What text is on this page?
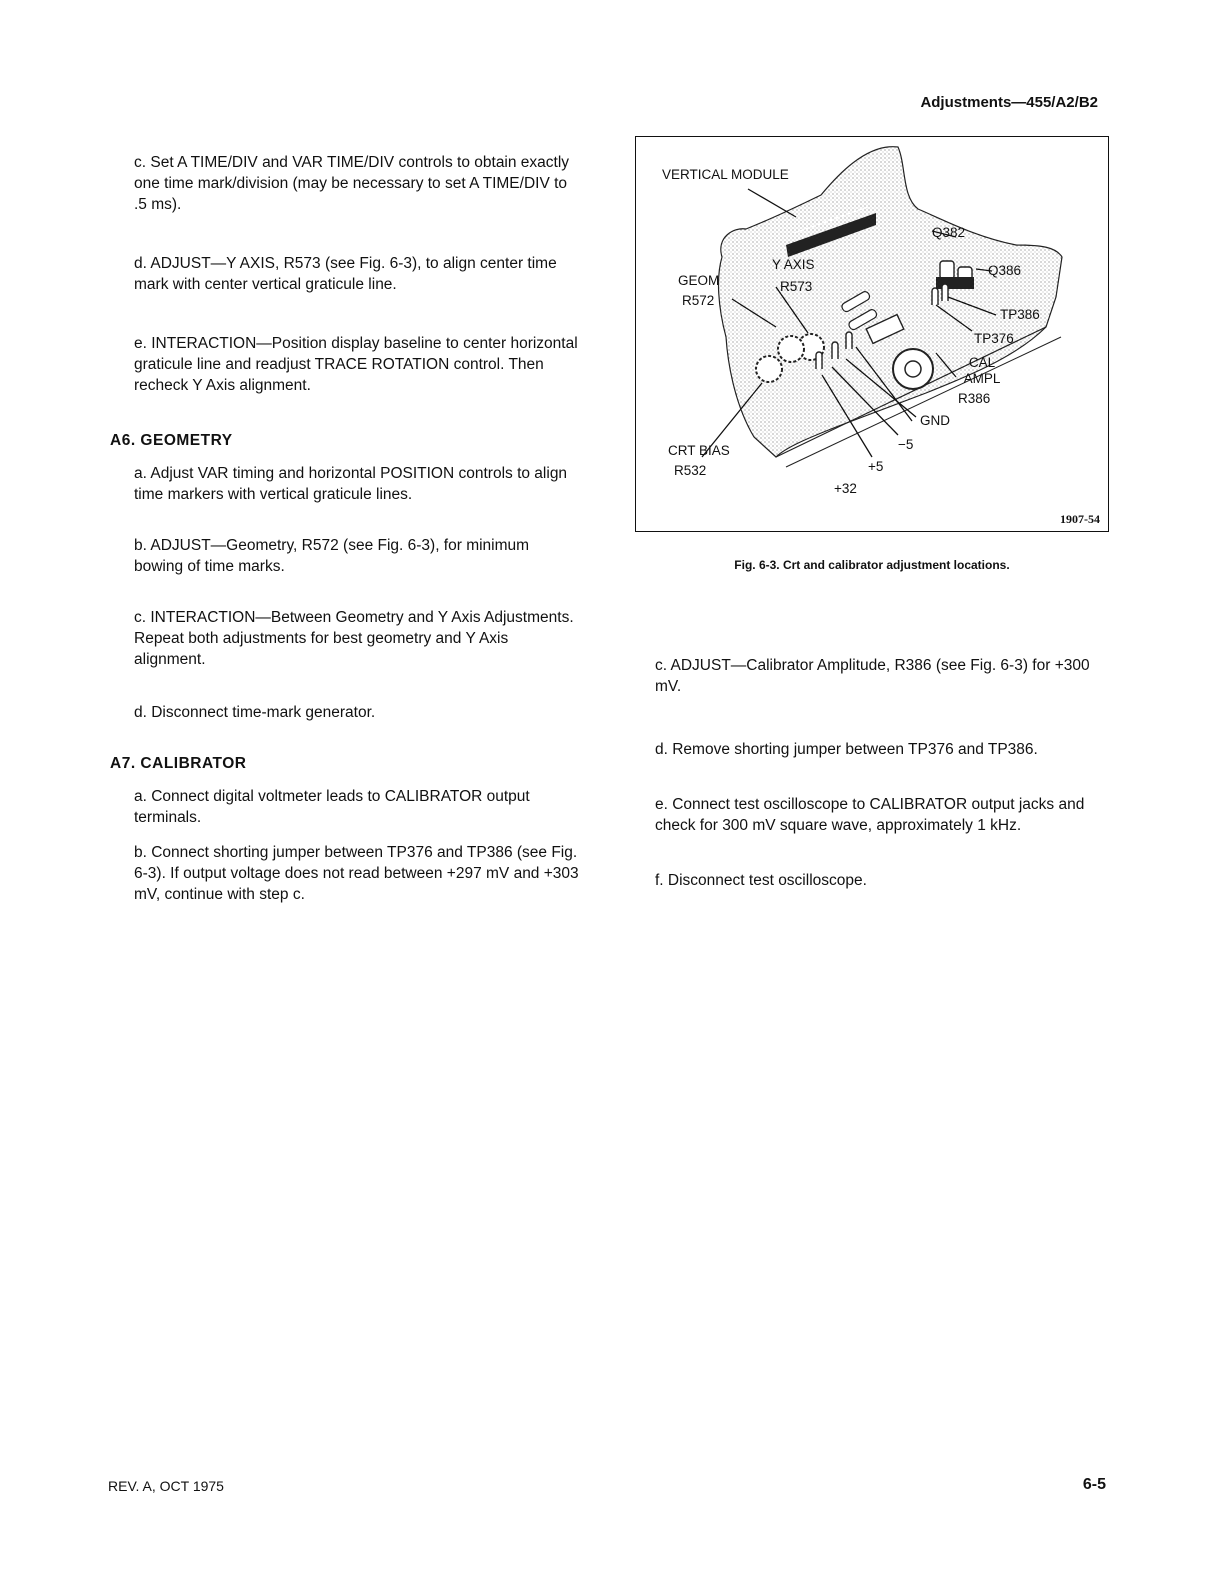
Adjustments—455/A2/B2

c. Set A TIME/DIV and VAR TIME/DIV controls to obtain exactly one time mark/division (may be necessary to set A TIME/DIV to .5 ms).

d. ADJUST—Y AXIS, R573 (see Fig. 6-3), to align center time mark with center vertical graticule line.

e. INTERACTION—Position display baseline to center horizontal graticule line and readjust TRACE ROTATION control. Then recheck Y Axis alignment.

A6. GEOMETRY

a. Adjust VAR timing and horizontal POSITION controls to align time markers with vertical graticule lines.

b. ADJUST—Geometry, R572 (see Fig. 6-3), for minimum bowing of time marks.

c. INTERACTION—Between Geometry and Y Axis Adjustments. Repeat both adjustments for best geometry and Y Axis alignment.

d. Disconnect time-mark generator.

A7. CALIBRATOR

a. Connect digital voltmeter leads to CALIBRATOR output terminals.

b. Connect shorting jumper between TP376 and TP386 (see Fig. 6-3). If output voltage does not read between +297 mV and +303 mV, continue with step c.

VERTICAL MODULE
Q382
Q386
Y AXIS
R573
GEOM
R572
TP386
TP376
CAL AMPL
R386
GND
−5
CRT BIAS
R532	+5
+32
1907-54
Fig. 6-3. Crt and calibrator adjustment locations.

c. ADJUST—Calibrator Amplitude, R386 (see Fig. 6-3) for +300 mV.

d. Remove shorting jumper between TP376 and TP386.

e. Connect test oscilloscope to CALIBRATOR output jacks and check for 300 mV square wave, approximately 1 kHz.

f. Disconnect test oscilloscope.

REV. A, OCT 1975	6-5
